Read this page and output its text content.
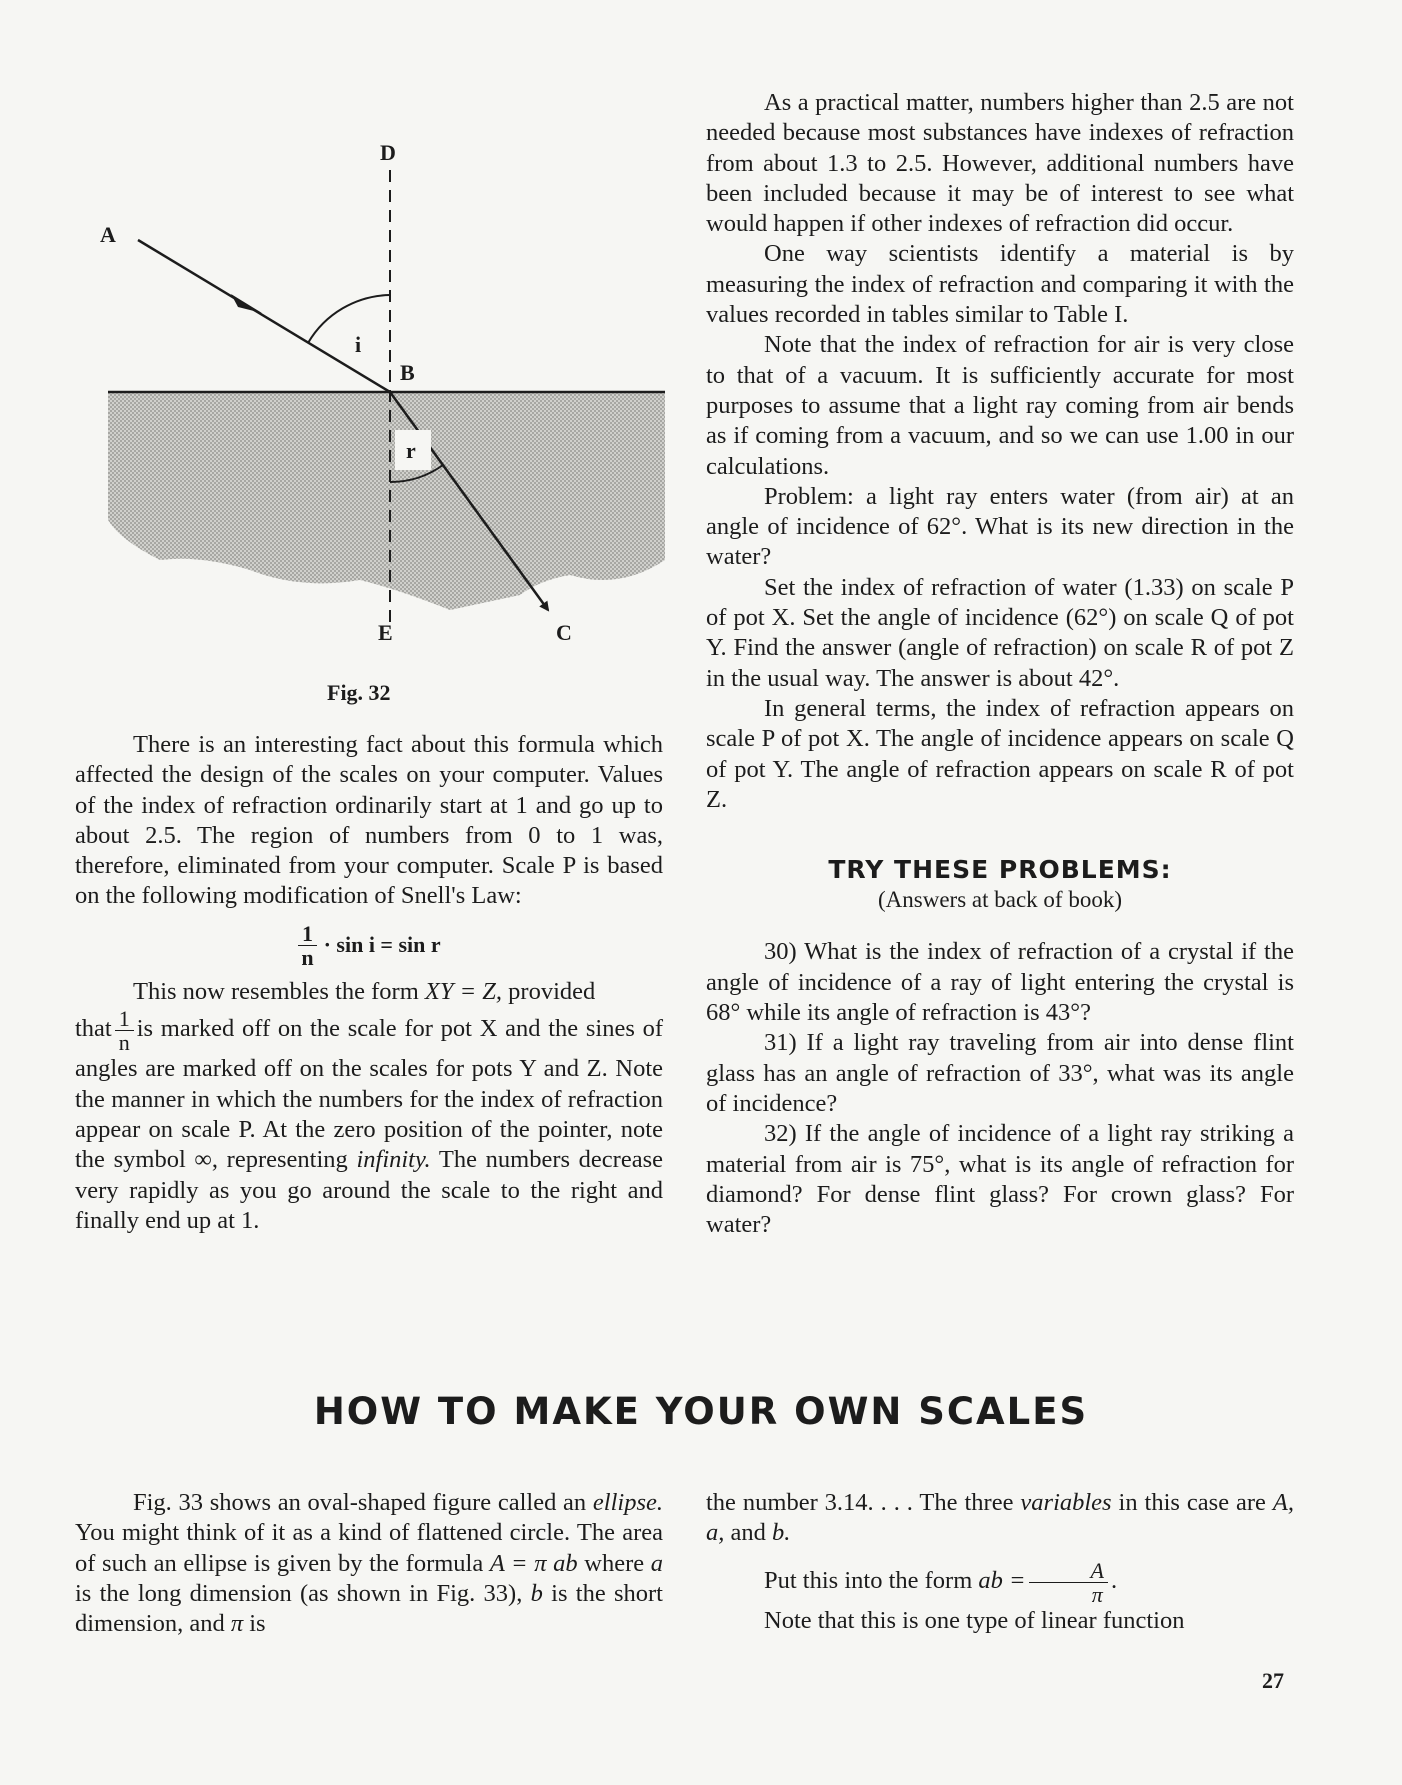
A
B
C
D
E
i
r
Fig. 32

There is an interesting fact about this formula which affected the design of the scales on your computer. Values of the index of refraction ordinarily start at 1 and go up to about 2.5. The region of numbers from 0 to 1 was, therefore, eliminated from your computer. Scale P is based on the following modification of Snell's Law:

$\frac{1}{n} \cdot \sin i = \sin r$

This now resembles the form XY = Z, provided

that $\frac{1}{n}$ is marked off on the scale for pot X and the sines of angles are marked off on the scales for pots Y and Z. Note the manner in which the numbers for the index of refraction appear on scale P. At the zero position of the pointer, note the symbol ∞, representing infinity. The numbers decrease very rapidly as you go around the scale to the right and finally end up at 1.

As a practical matter, numbers higher than 2.5 are not needed because most substances have indexes of refraction from about 1.3 to 2.5. However, additional numbers have been included because it may be of interest to see what would happen if other indexes of refraction did occur.

One way scientists identify a material is by measuring the index of refraction and comparing it with the values recorded in tables similar to Table I.

Note that the index of refraction for air is very close to that of a vacuum. It is sufficiently accurate for most purposes to assume that a light ray coming from air bends as if coming from a vacuum, and so we can use 1.00 in our calculations.

Problem: a light ray enters water (from air) at an angle of incidence of 62°. What is its new direction in the water?

Set the index of refraction of water (1.33) on scale P of pot X. Set the angle of incidence (62°) on scale Q of pot Y. Find the answer (angle of refraction) on scale R of pot Z in the usual way. The answer is about 42°.

In general terms, the index of refraction appears on scale P of pot X. The angle of incidence appears on scale Q of pot Y. The angle of refraction appears on scale R of pot Z.

TRY THESE PROBLEMS:
(Answers at back of book)

30) What is the index of refraction of a crystal if the angle of incidence of a ray of light entering the crystal is 68° while its angle of refraction is 43°?

31) If a light ray traveling from air into dense flint glass has an angle of refraction of 33°, what was its angle of incidence?

32) If the angle of incidence of a light ray striking a material from air is 75°, what is its angle of refraction for diamond? For dense flint glass? For crown glass? For water?

HOW TO MAKE YOUR OWN SCALES

Fig. 33 shows an oval-shaped figure called an ellipse. You might think of it as a kind of flattened circle. The area of such an ellipse is given by the formula A = π ab where a is the long dimension (as shown in Fig. 33), b is the short dimension, and π is

the number 3.14. . . . The three variables in this case are A, a, and b.

Put this into the form ab = $\frac{A}{\pi}$ .

Note that this is one type of linear function

27
